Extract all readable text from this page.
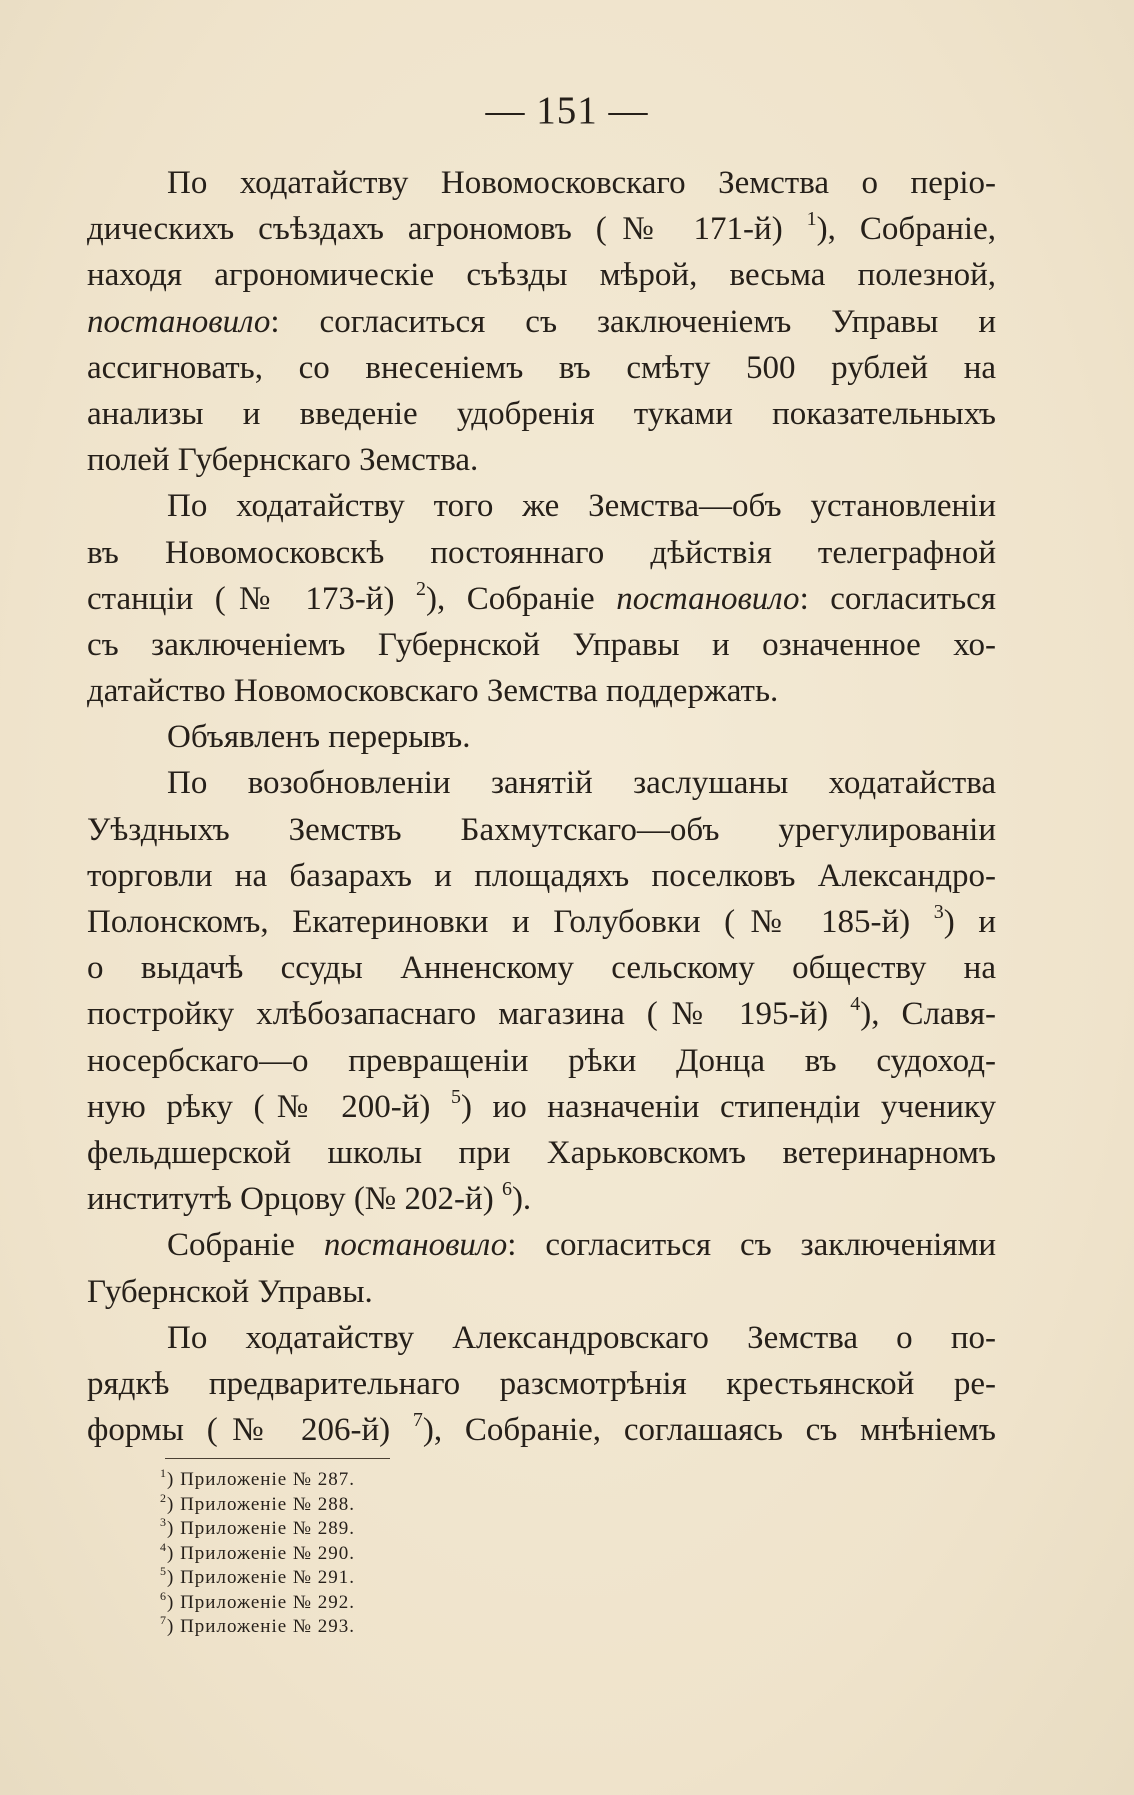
— 151 —
По ходатайству Новомосковскаго Земства о періо-
дическихъ съѣздахъ агрономовъ (№ 171-й) $^1$), Собраніе,
находя агрономическіе съѣзды мѣрой, весьма полезной,
постановило: согласиться съ заключеніемъ Управы и
ассигновать, со внесеніемъ въ смѣту 500 рублей на
анализы и введеніе удобренія туками показательныхъ
полей Губернскаго Земства.
По ходатайству того же Земства—объ установленіи
въ Новомосковскѣ постояннаго дѣйствія телеграфной
станціи (№ 173-й) $^2$), Собраніе постановило: согласиться
съ заключеніемъ Губернской Управы и означенное хо-
датайство Новомосковскаго Земства поддержать.
Объявленъ перерывъ.
По возобновленіи занятій заслушаны ходатайства
Уѣздныхъ Земствъ Бахмутскаго—объ урегулированіи
торговли на базарахъ и площадяхъ поселковъ Александро-
Полонскомъ, Екатериновки и Голубовки (№ 185-й) $^3$) и
о выдачѣ ссуды Анненскому сельскому обществу на
постройку хлѣбозапаснаго магазина (№ 195-й) $^4$), Славя-
носербскаго—о превращеніи рѣки Донца въ судоход-
ную рѣку (№ 200-й) $^5$) ио назначеніи стипендіи ученику
фельдшерской школы при Харьковскомъ ветеринарномъ
институтѣ Орцову (№ 202-й) $^6$).
Собраніе постановило: согласиться съ заключеніями
Губернской Управы.
По ходатайству Александровскаго Земства о по-
рядкѣ предварительнаго разсмотрѣнія крестьянской ре-
формы (№ 206-й) $^7$), Собраніе, соглашаясь съ мнѣніемъ
$^1$) Приложеніе № 287.
$^2$) Приложеніе № 288.
$^3$) Приложеніе № 289.
$^4$) Приложеніе № 290.
$^5$) Приложеніе № 291.
$^6$) Приложеніе № 292.
$^7$) Приложеніе № 293.
